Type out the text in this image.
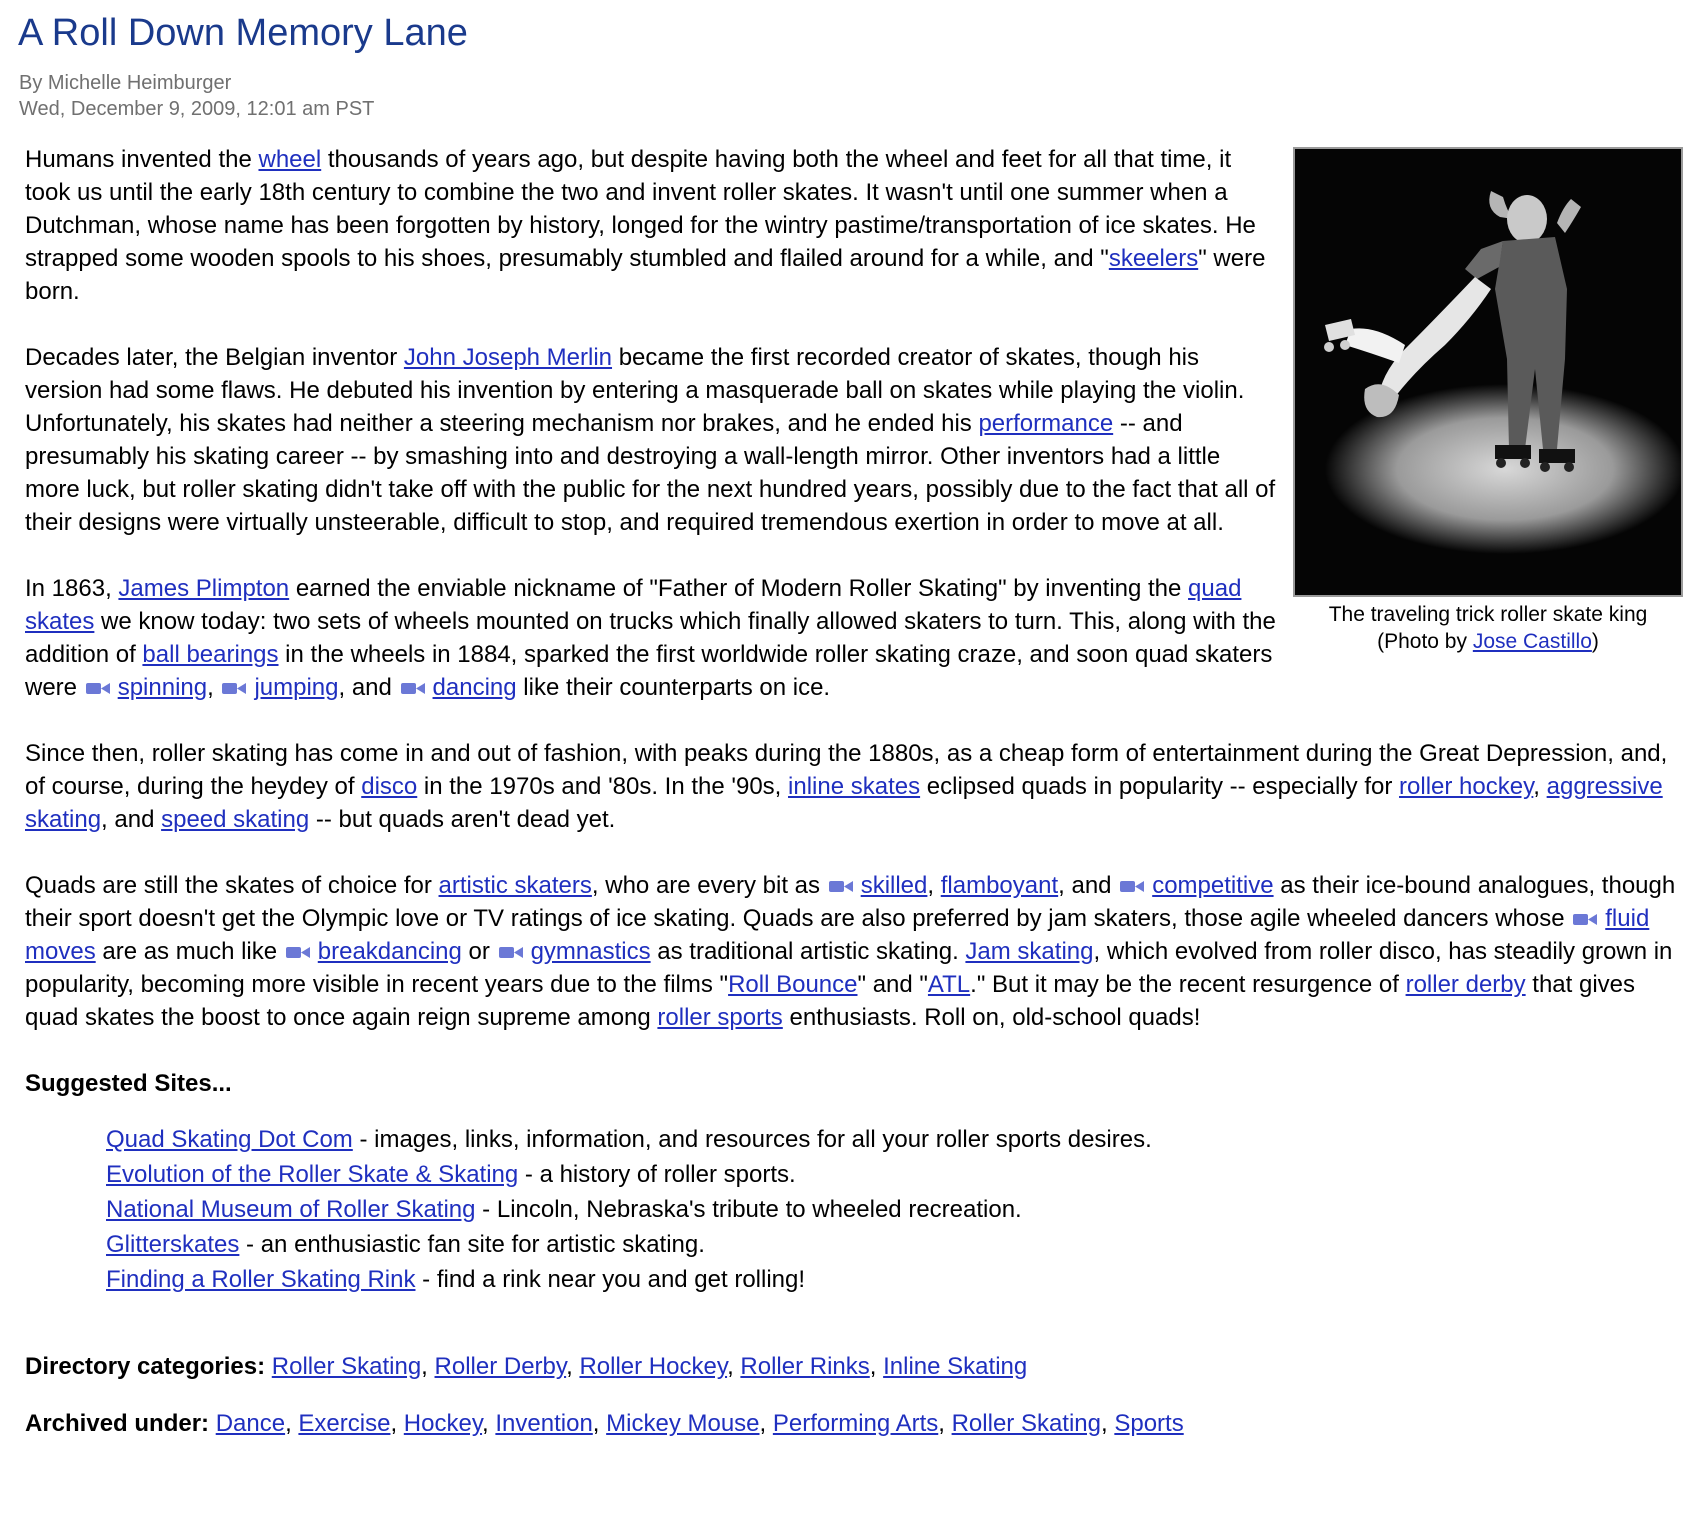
A Roll Down Memory Lane
By Michelle Heimburger
Wed, December 9, 2009, 12:01 am PST
The traveling trick roller skate king
(Photo by Jose Castillo)

Humans invented the wheel thousands of years ago, but despite having both the wheel and feet for all that time, it took us until the early 18th century to combine the two and invent roller skates. It wasn't until one summer when a Dutchman, whose name has been forgotten by history, longed for the wintry pastime/transportation of ice skates. He strapped some wooden spools to his shoes, presumably stumbled and flailed around for a while, and "skeelers" were born.

Decades later, the Belgian inventor John Joseph Merlin became the first recorded creator of skates, though his version had some flaws. He debuted his invention by entering a masquerade ball on skates while playing the violin. Unfortunately, his skates had neither a steering mechanism nor brakes, and he ended his performance -- and presumably his skating career -- by smashing into and destroying a wall-length mirror. Other inventors had a little more luck, but roller skating didn't take off with the public for the next hundred years, possibly due to the fact that all of their designs were virtually unsteerable, difficult to stop, and required tremendous exertion in order to move at all.

In 1863, James Plimpton earned the enviable nickname of "Father of Modern Roller Skating" by inventing the quad skates we know today: two sets of wheels mounted on trucks which finally allowed skaters to turn. This, along with the addition of ball bearings in the wheels in 1884, sparked the first worldwide roller skating craze, and soon quad skaters were spinning, jumping, and dancing like their counterparts on ice.

Since then, roller skating has come in and out of fashion, with peaks during the 1880s, as a cheap form of entertainment during the Great Depression, and, of course, during the heydey of disco in the 1970s and '80s. In the '90s, inline skates eclipsed quads in popularity -- especially for roller hockey, aggressive skating, and speed skating -- but quads aren't dead yet.

Quads are still the skates of choice for artistic skaters, who are every bit as skilled, flamboyant, and competitive as their ice-bound analogues, though their sport doesn't get the Olympic love or TV ratings of ice skating. Quads are also preferred by jam skaters, those agile wheeled dancers whose fluid moves are as much like breakdancing or gymnastics as traditional artistic skating. Jam skating, which evolved from roller disco, has steadily grown in popularity, becoming more visible in recent years due to the films "Roll Bounce" and "ATL." But it may be the recent resurgence of roller derby that gives quad skates the boost to once again reign supreme among roller sports enthusiasts. Roll on, old-school quads!

Suggested Sites...
Quad Skating Dot Com - images, links, information, and resources for all your roller sports desires.
Evolution of the Roller Skate & Skating - a history of roller sports.
National Museum of Roller Skating - Lincoln, Nebraska's tribute to wheeled recreation.
Glitterskates - an enthusiastic fan site for artistic skating.
Finding a Roller Skating Rink - find a rink near you and get rolling!
Directory categories: Roller Skating, Roller Derby, Roller Hockey, Roller Rinks, Inline Skating
Archived under: Dance, Exercise, Hockey, Invention, Mickey Mouse, Performing Arts, Roller Skating, Sports
